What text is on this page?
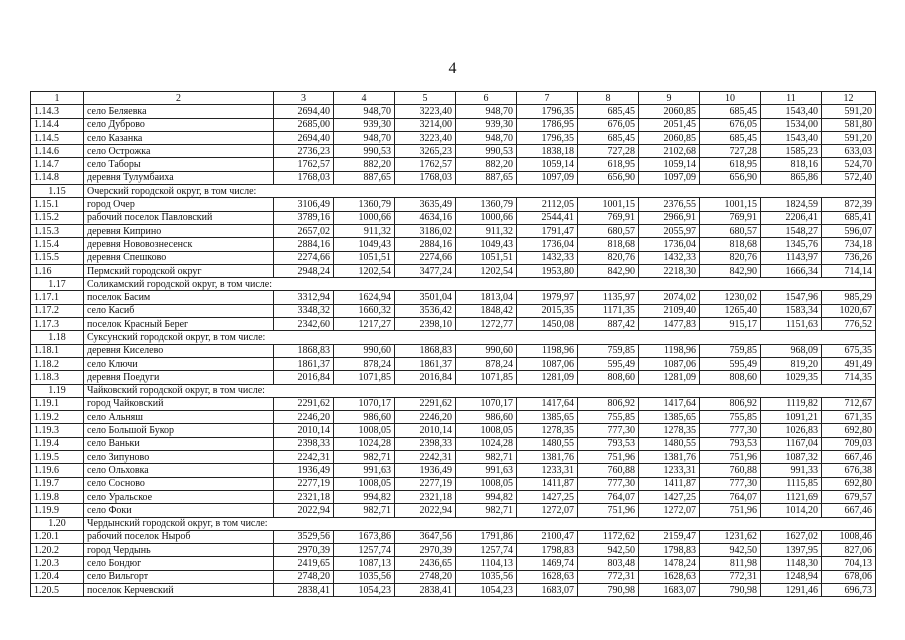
4
1	2	3	4	5	6	7	8	9	10	11	12
1.14.3	село Беляевка	2694,40	948,70	3223,40	948,70	1796,35	685,45	2060,85	685,45	1543,40	591,20
1.14.4	село Дуброво	2685,00	939,30	3214,00	939,30	1786,95	676,05	2051,45	676,05	1534,00	581,80
1.14.5	село Казанка	2694,40	948,70	3223,40	948,70	1796,35	685,45	2060,85	685,45	1543,40	591,20
1.14.6	село Острожка	2736,23	990,53	3265,23	990,53	1838,18	727,28	2102,68	727,28	1585,23	633,03
1.14.7	село Таборы	1762,57	882,20	1762,57	882,20	1059,14	618,95	1059,14	618,95	818,16	524,70
1.14.8	деревня Тулумбаиха	1768,03	887,65	1768,03	887,65	1097,09	656,90	1097,09	656,90	865,86	572,40
1.15	Очерский городской округ, в том числе:										
1.15.1	город Очер	3106,49	1360,79	3635,49	1360,79	2112,05	1001,15	2376,55	1001,15	1824,59	872,39
1.15.2	рабочий поселок Павловский	3789,16	1000,66	4634,16	1000,66	2544,41	769,91	2966,91	769,91	2206,41	685,41
1.15.3	деревня Киприно	2657,02	911,32	3186,02	911,32	1791,47	680,57	2055,97	680,57	1548,27	596,07
1.15.4	деревня Нововознесенск	2884,16	1049,43	2884,16	1049,43	1736,04	818,68	1736,04	818,68	1345,76	734,18
1.15.5	деревня Спешково	2274,66	1051,51	2274,66	1051,51	1432,33	820,76	1432,33	820,76	1143,97	736,26
1.16	Пермский городской округ	2948,24	1202,54	3477,24	1202,54	1953,80	842,90	2218,30	842,90	1666,34	714,14
1.17	Соликамский городской округ, в том числе:										
1.17.1	поселок Басим	3312,94	1624,94	3501,04	1813,04	1979,97	1135,97	2074,02	1230,02	1547,96	985,29
1.17.2	село Касиб	3348,32	1660,32	3536,42	1848,42	2015,35	1171,35	2109,40	1265,40	1583,34	1020,67
1.17.3	поселок Красный Берег	2342,60	1217,27	2398,10	1272,77	1450,08	887,42	1477,83	915,17	1151,63	776,52
1.18	Суксунский городской округ, в том числе:										
1.18.1	деревня Киселево	1868,83	990,60	1868,83	990,60	1198,96	759,85	1198,96	759,85	968,09	675,35
1.18.2	село Ключи	1861,37	878,24	1861,37	878,24	1087,06	595,49	1087,06	595,49	819,20	491,49
1.18.3	деревня Поедуги	2016,84	1071,85	2016,84	1071,85	1281,09	808,60	1281,09	808,60	1029,35	714,35
1.19	Чайковский городской округ, в том числе:										
1.19.1	город Чайковский	2291,62	1070,17	2291,62	1070,17	1417,64	806,92	1417,64	806,92	1119,82	712,67
1.19.2	село Альняш	2246,20	986,60	2246,20	986,60	1385,65	755,85	1385,65	755,85	1091,21	671,35
1.19.3	село Большой Букор	2010,14	1008,05	2010,14	1008,05	1278,35	777,30	1278,35	777,30	1026,83	692,80
1.19.4	село Ваньки	2398,33	1024,28	2398,33	1024,28	1480,55	793,53	1480,55	793,53	1167,04	709,03
1.19.5	село Зипуново	2242,31	982,71	2242,31	982,71	1381,76	751,96	1381,76	751,96	1087,32	667,46
1.19.6	село Ольховка	1936,49	991,63	1936,49	991,63	1233,31	760,88	1233,31	760,88	991,33	676,38
1.19.7	село Сосново	2277,19	1008,05	2277,19	1008,05	1411,87	777,30	1411,87	777,30	1115,85	692,80
1.19.8	село Уральское	2321,18	994,82	2321,18	994,82	1427,25	764,07	1427,25	764,07	1121,69	679,57
1.19.9	село Фоки	2022,94	982,71	2022,94	982,71	1272,07	751,96	1272,07	751,96	1014,20	667,46
1.20	Чердынский городской округ, в том числе:										
1.20.1	рабочий поселок Ныроб	3529,56	1673,86	3647,56	1791,86	2100,47	1172,62	2159,47	1231,62	1627,02	1008,46
1.20.2	город Чердынь	2970,39	1257,74	2970,39	1257,74	1798,83	942,50	1798,83	942,50	1397,95	827,06
1.20.3	село Бондюг	2419,65	1087,13	2436,65	1104,13	1469,74	803,48	1478,24	811,98	1148,30	704,13
1.20.4	село Вильгорт	2748,20	1035,56	2748,20	1035,56	1628,63	772,31	1628,63	772,31	1248,94	678,06
1.20.5	поселок Керчевский	2838,41	1054,23	2838,41	1054,23	1683,07	790,98	1683,07	790,98	1291,46	696,73
